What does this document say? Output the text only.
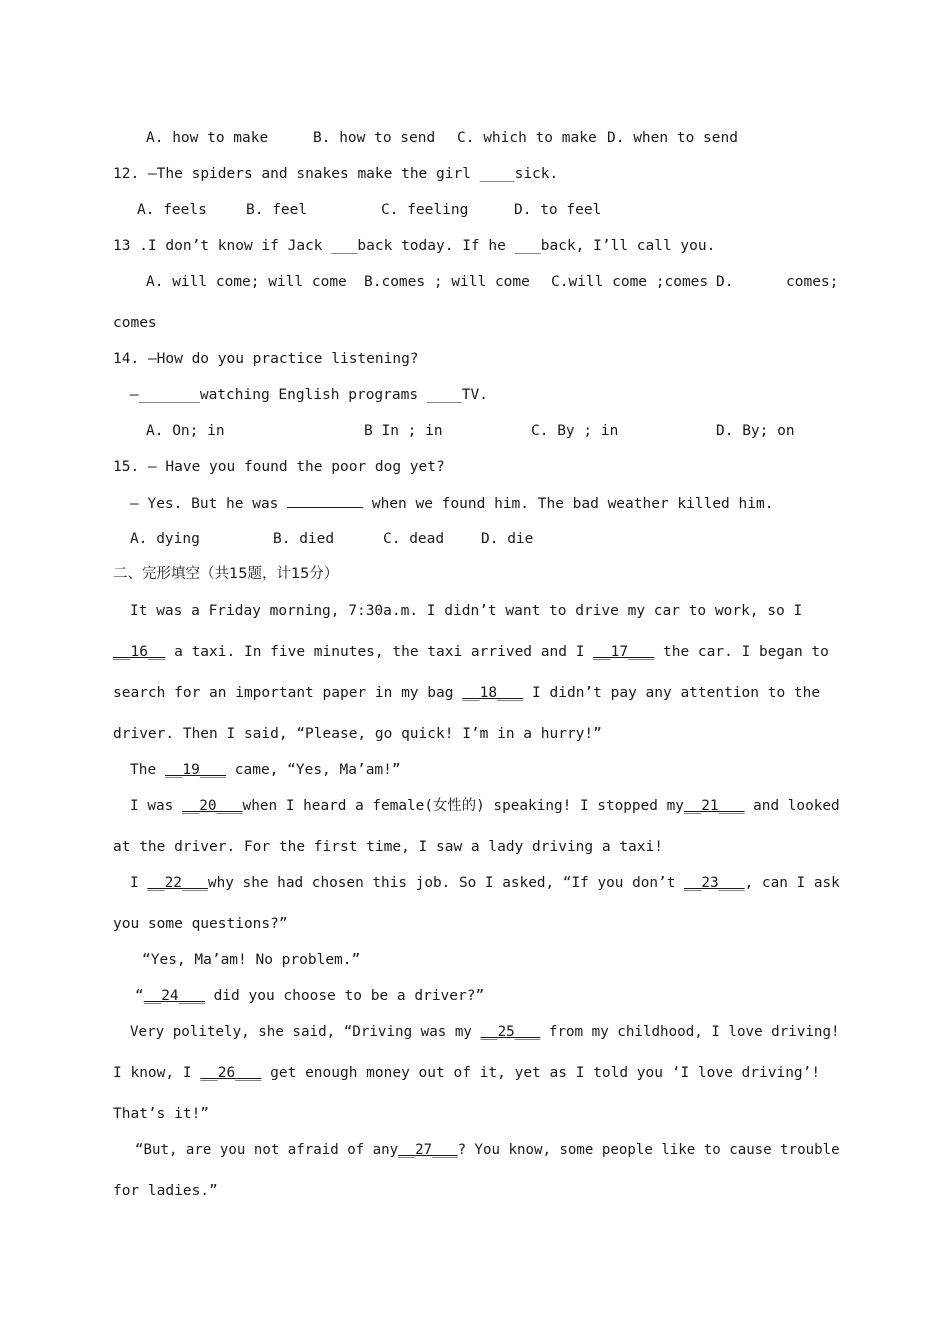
A. how to make	B. how to send C. which to make D. when to send
12. —The spiders and snakes make the girl ____sick.
A. feels	B. feel	C. feeling	D. to feel
13 .I don’t know if Jack ___back today. If he ___back, I’ll call you.
A. will come; will come B.comes ; will come C.will come ;comes D.	comes;
comes
14. —How do you practice listening?
—_______watching English programs ____TV.
A. On; in	B In ; in	C. By ; in	D. By; on
15. — Have you found the poor dog yet?
— Yes. But he was	when we found him. The bad weather killed him.
A. dying	B. died	C. dead	D. die
二、完形填空（共15题，计15分）
It was a Friday morning, 7:30a.m. I didn’t want to drive my car to work, so I
__16__ a taxi. In five minutes, the taxi arrived and I __17___ the car. I began to
search for an important paper in my bag __18___ I didn’t pay any attention to the
driver. Then I said, “Please, go quick! I’m in a hurry!”
The __19___ came, “Yes, Ma’am!”
I was __20___when I heard a female(女性的) speaking! I stopped my__21___ and looked
at the driver. For the first time, I saw a lady driving a taxi!
I __22___why she had chosen this job. So I asked, “If you don’t __23___, can I ask
you some questions?”
“Yes, Ma’am! No problem.”
“__24___ did you choose to be a driver?”
Very politely, she said, “Driving was my __25___ from my childhood, I love driving!
I know, I __26___ get enough money out of it, yet as I told you ‘I love driving’!
That’s it!”
“But, are you not afraid of any__27___? You know, some people like to cause trouble
for ladies.”
